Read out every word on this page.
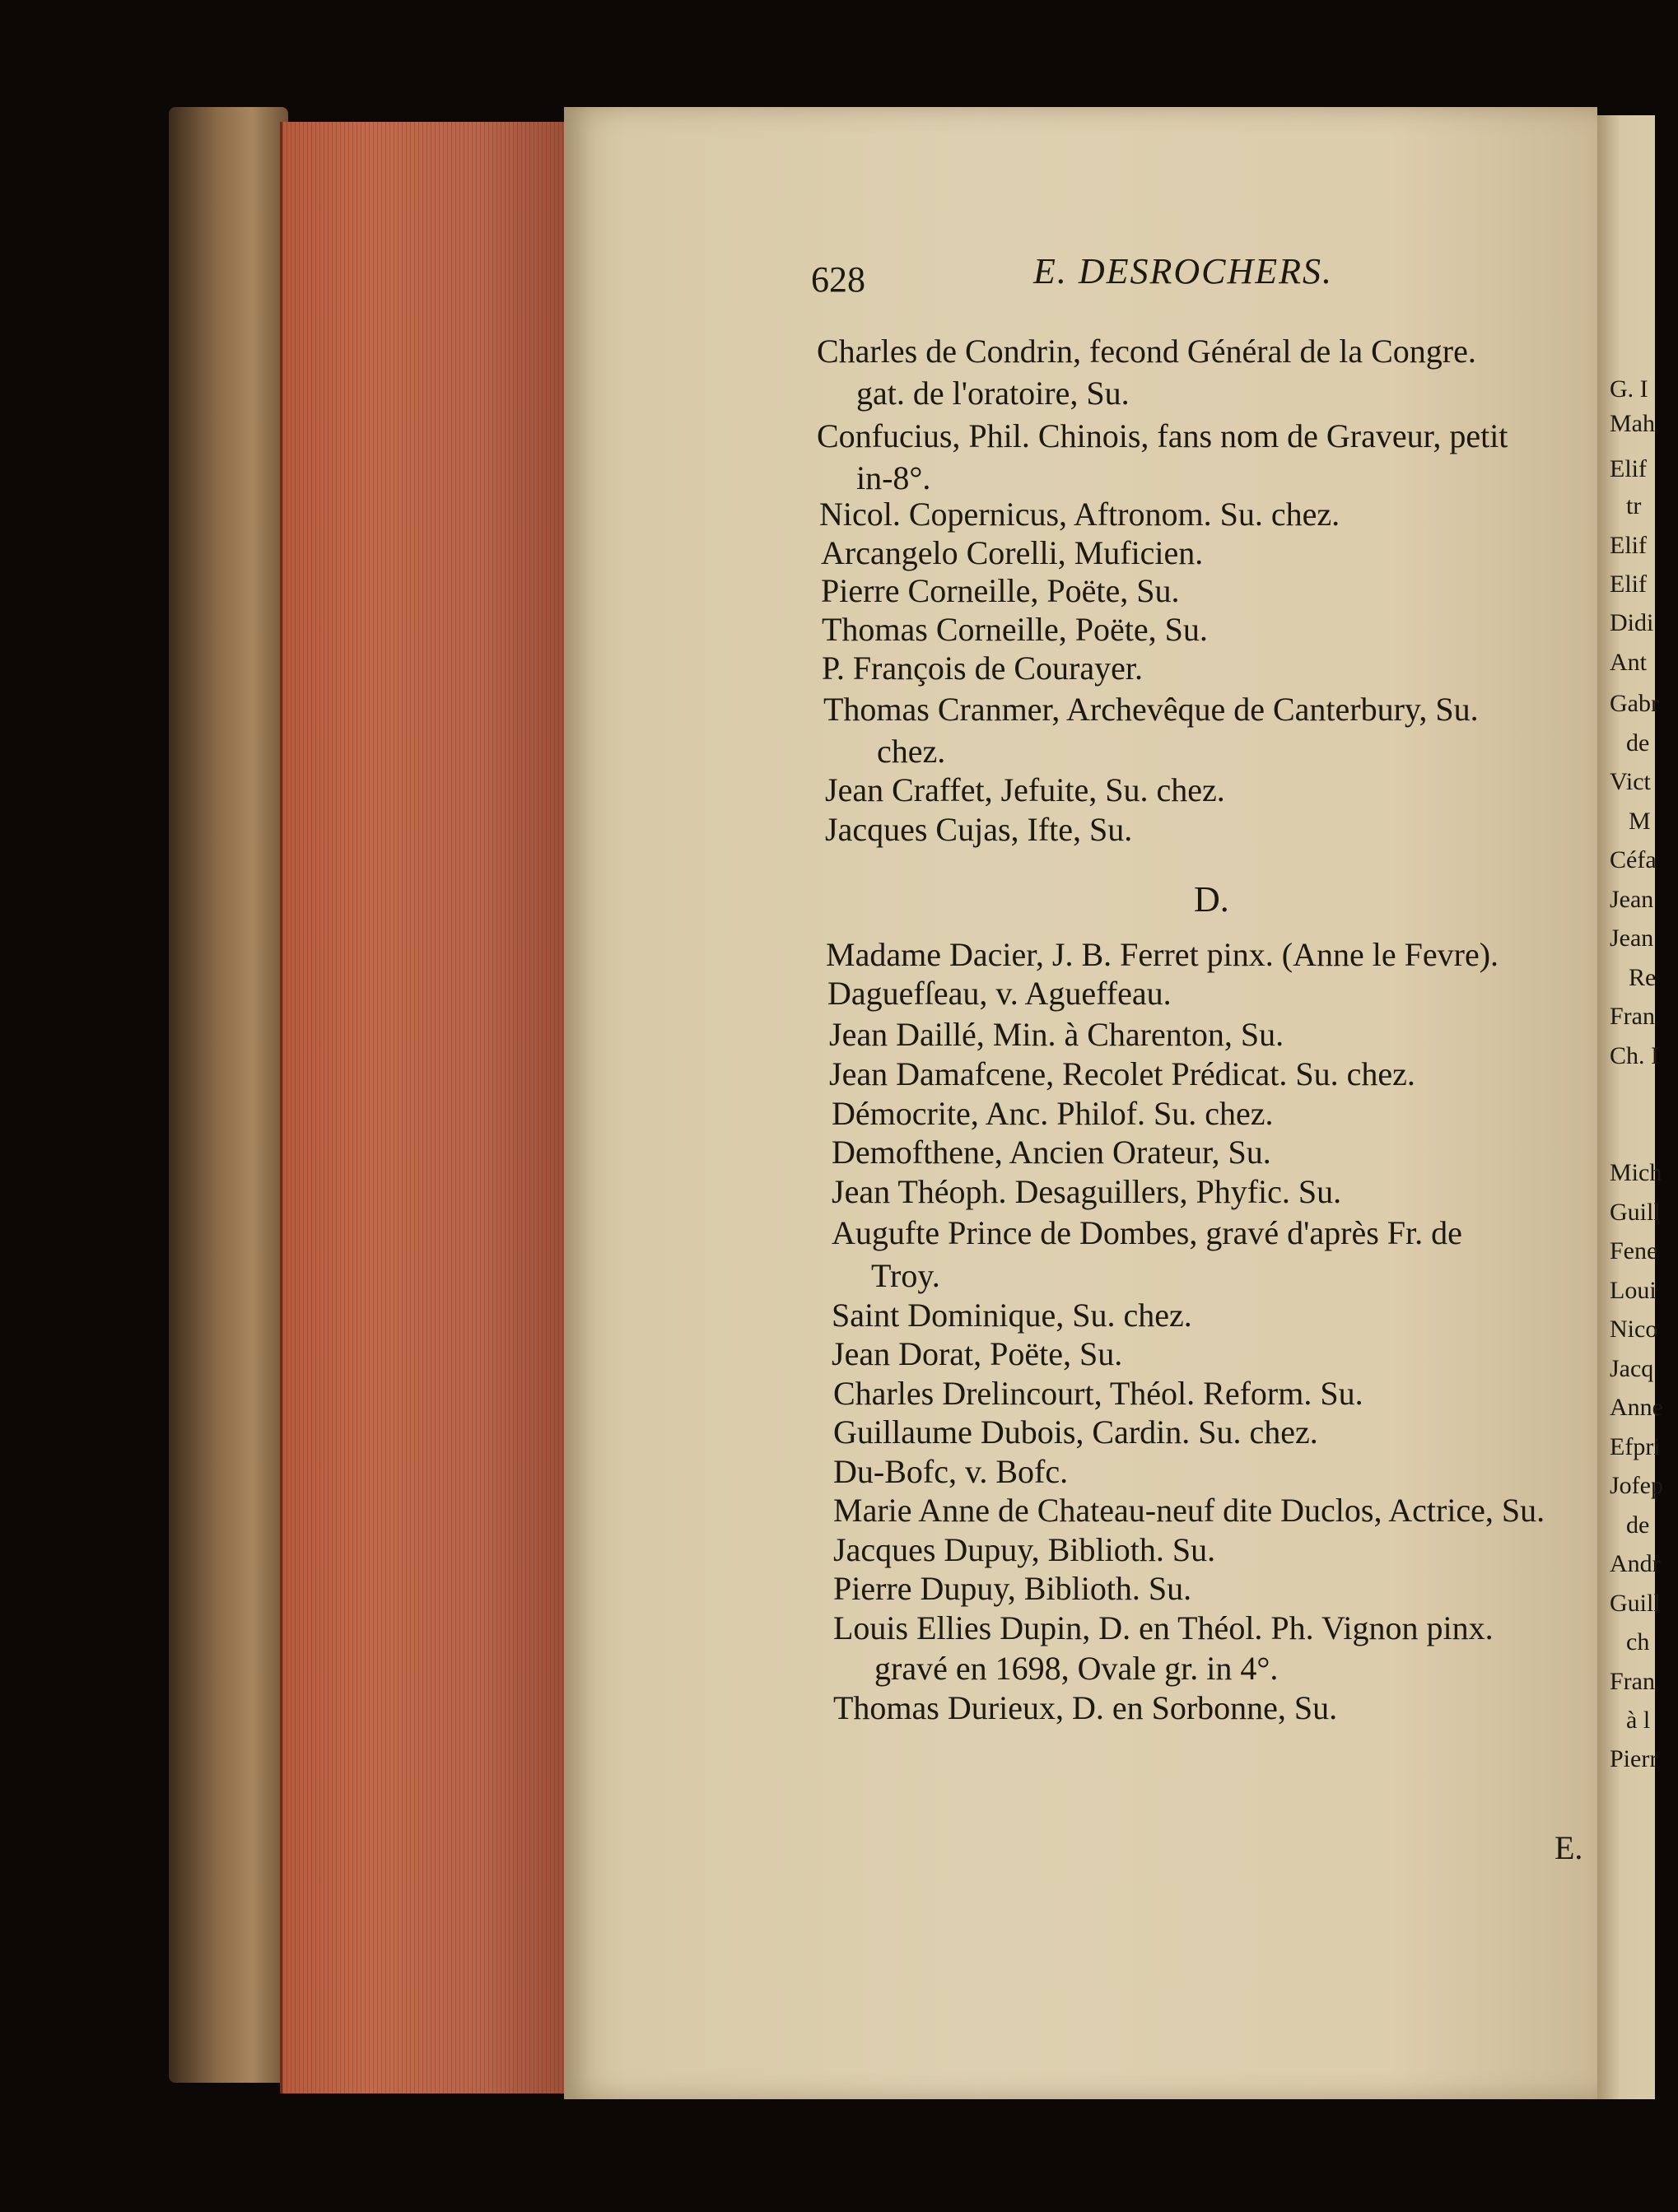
628	E. DESROCHERS.
Charles de Condrin, fecond Général de la Congre.
gat. de l'oratoire, Su.
Confucius, Phil. Chinois, fans nom de Graveur, petit
in-8°.
Nicol. Copernicus, Aftronom. Su. chez.
Arcangelo Corelli, Muficien.
Pierre Corneille, Poëte, Su.
Thomas Corneille, Poëte, Su.
P. François de Courayer.
Thomas Cranmer, Archevêque de Canterbury, Su.
chez.
Jean Craffet, Jefuite, Su. chez.
Jacques Cujas, Ifte, Su.
D.
Madame Dacier, J. B. Ferret pinx. (Anne le Fevre).
Daguefſeau, v. Agueffeau.
Jean Daillé, Min. à Charenton, Su.
Jean Damafcene, Recolet Prédicat. Su. chez.
Démocrite, Anc. Philof. Su. chez.
Demofthene, Ancien Orateur, Su.
Jean Théoph. Desaguillers, Phyfic. Su.
Augufte Prince de Dombes, gravé d'après Fr. de
Troy.
Saint Dominique, Su. chez.
Jean Dorat, Poëte, Su.
Charles Drelincourt, Théol. Reform. Su.
Guillaume Dubois, Cardin. Su. chez.
Du-Bofc, v. Bofc.
Marie Anne de Chateau-neuf dite Duclos, Actrice, Su.
Jacques Dupuy, Biblioth. Su.
Pierre Dupuy, Biblioth. Su.
Louis Ellies Dupin, D. en Théol. Ph. Vignon pinx.
gravé en 1698, Ovale gr. in 4°.
Thomas Durieux, D. en Sorbonne, Su.
E.
G. I
Mah
Elif
tr
Elif
Elif
Didi
Ant
Gabr
de
Vict
M
Céfa
Jean
Jean
Re
Fran
Ch. I
Mich
Guill
Fene
Loui
Nico
Jacq
Anne
Efpri
Jofep
de
Andr
Guill
ch
Fran
à l
Pierr
